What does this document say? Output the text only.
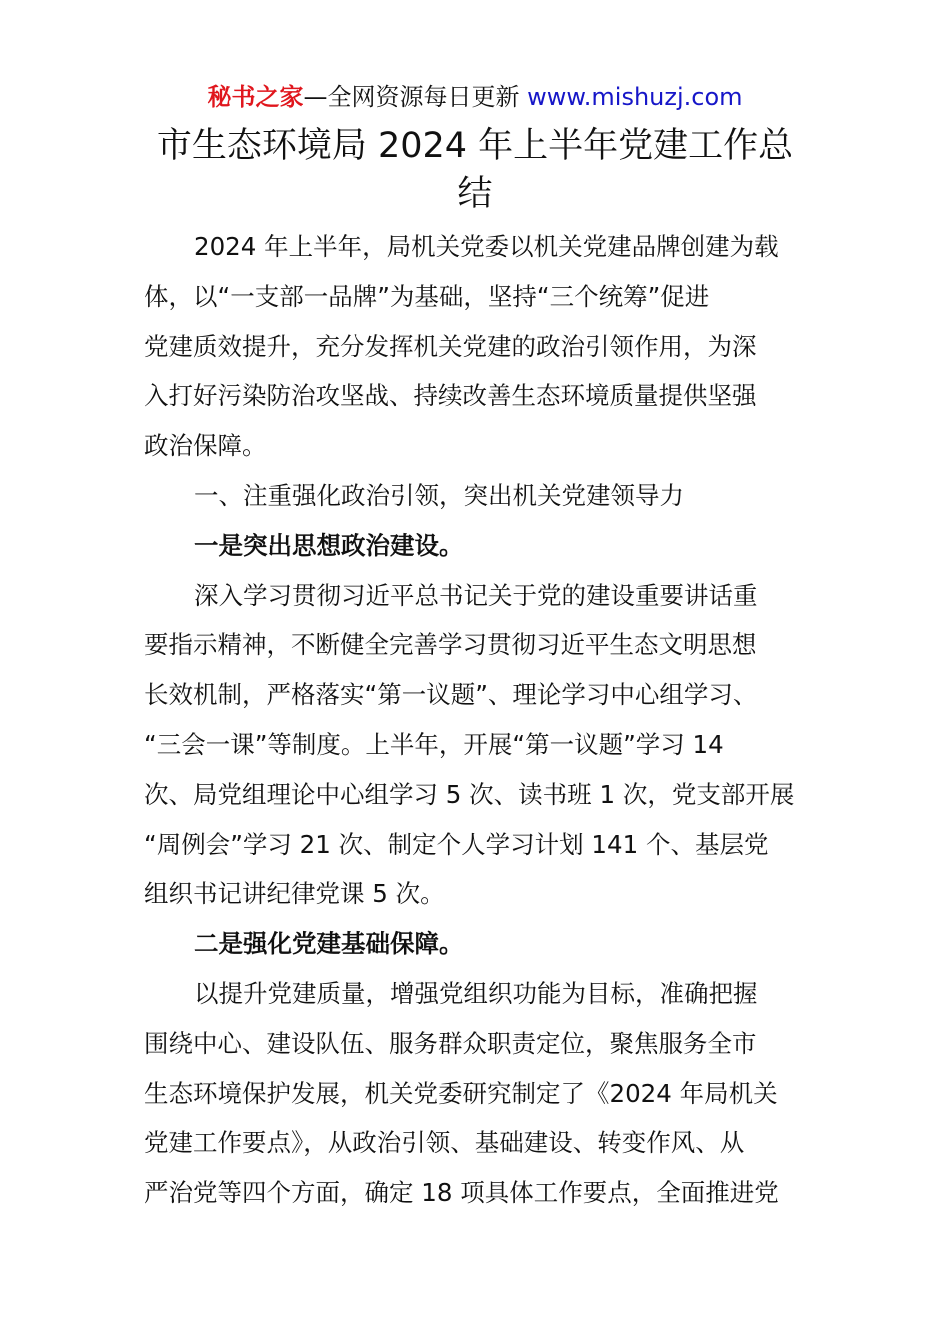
秘书之家—全网资源每日更新 www.mishuzj.com
市生态环境局 2024 年上半年党建工作总
结
2024 年上半年，局机关党委以机关党建品牌创建为载
体，以“一支部一品牌”为基础，坚持“三个统筹”促进
党建质效提升，充分发挥机关党建的政治引领作用，为深
入打好污染防治攻坚战、持续改善生态环境质量提供坚强
政治保障。
一、注重强化政治引领，突出机关党建领导力
一是突出思想政治建设。
深入学习贯彻习近平总书记关于党的建设重要讲话重
要指示精神，不断健全完善学习贯彻习近平生态文明思想
长效机制，严格落实“第一议题”、理论学习中心组学习、
“三会一课”等制度。上半年，开展“第一议题”学习 14
次、局党组理论中心组学习 5 次、读书班 1 次，党支部开展
“周例会”学习 21 次、制定个人学习计划 141 个、基层党
组织书记讲纪律党课 5 次。
二是强化党建基础保障。
以提升党建质量，增强党组织功能为目标，准确把握
围绕中心、建设队伍、服务群众职责定位，聚焦服务全市
生态环境保护发展，机关党委研究制定了《2024 年局机关
党建工作要点》，从政治引领、基础建设、转变作风、从
严治党等四个方面，确定 18 项具体工作要点，全面推进党
